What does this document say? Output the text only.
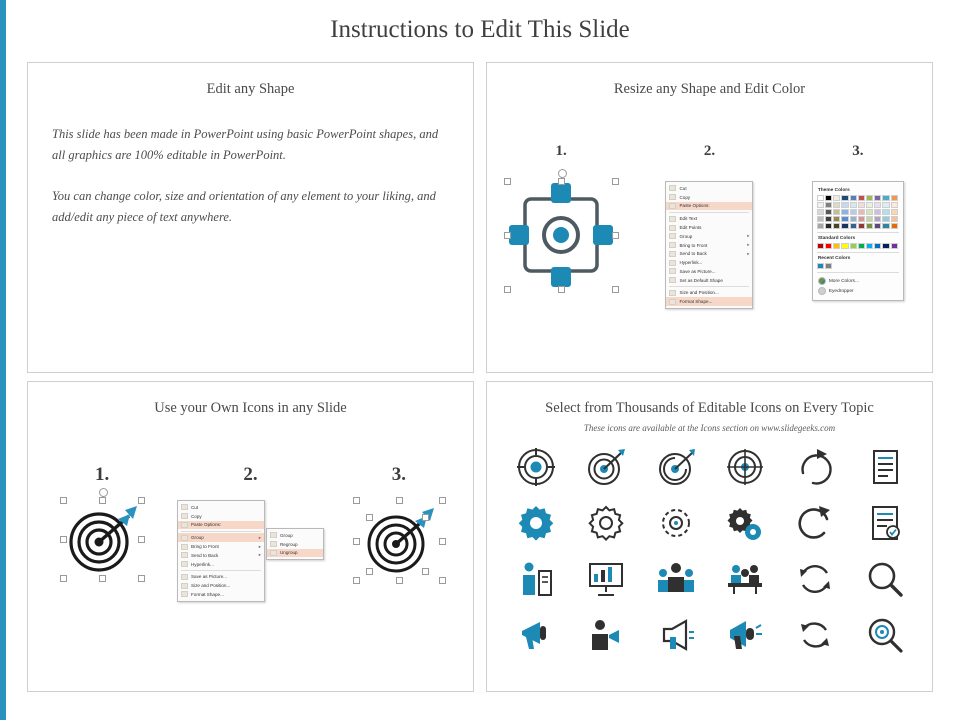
Instructions to Edit This Slide
Edit any Shape
This slide has been made in PowerPoint using basic PowerPoint shapes, and all graphics are 100% editable in PowerPoint.
You can change color, size and orientation of any element to your liking, and add/edit any piece of text anywhere.
Resize any Shape and Edit Color
1.	2.	3.
Cut
Copy
Paste Options:
Edit Text
Edit Points
Group	▸
Bring to Front	▸
Send to Back	▸
Hyperlink...
Save as Picture...
Set as Default Shape
Size and Position...
Format Shape...
Theme Colors
Standard Colors
Recent Colors
More Colors...
Eyedropper
Use your Own Icons in any Slide
1.	2.	3.
Cut
Copy
Paste Options:
Group	▸
Bring to Front	▸
Send to Back	▸
Hyperlink...
Save as Picture...
Size and Position...
Format Shape...
Group
Regroup
Ungroup
Select from Thousands of Editable Icons on Every Topic
These icons are available at the Icons section on www.slidegeeks.com
